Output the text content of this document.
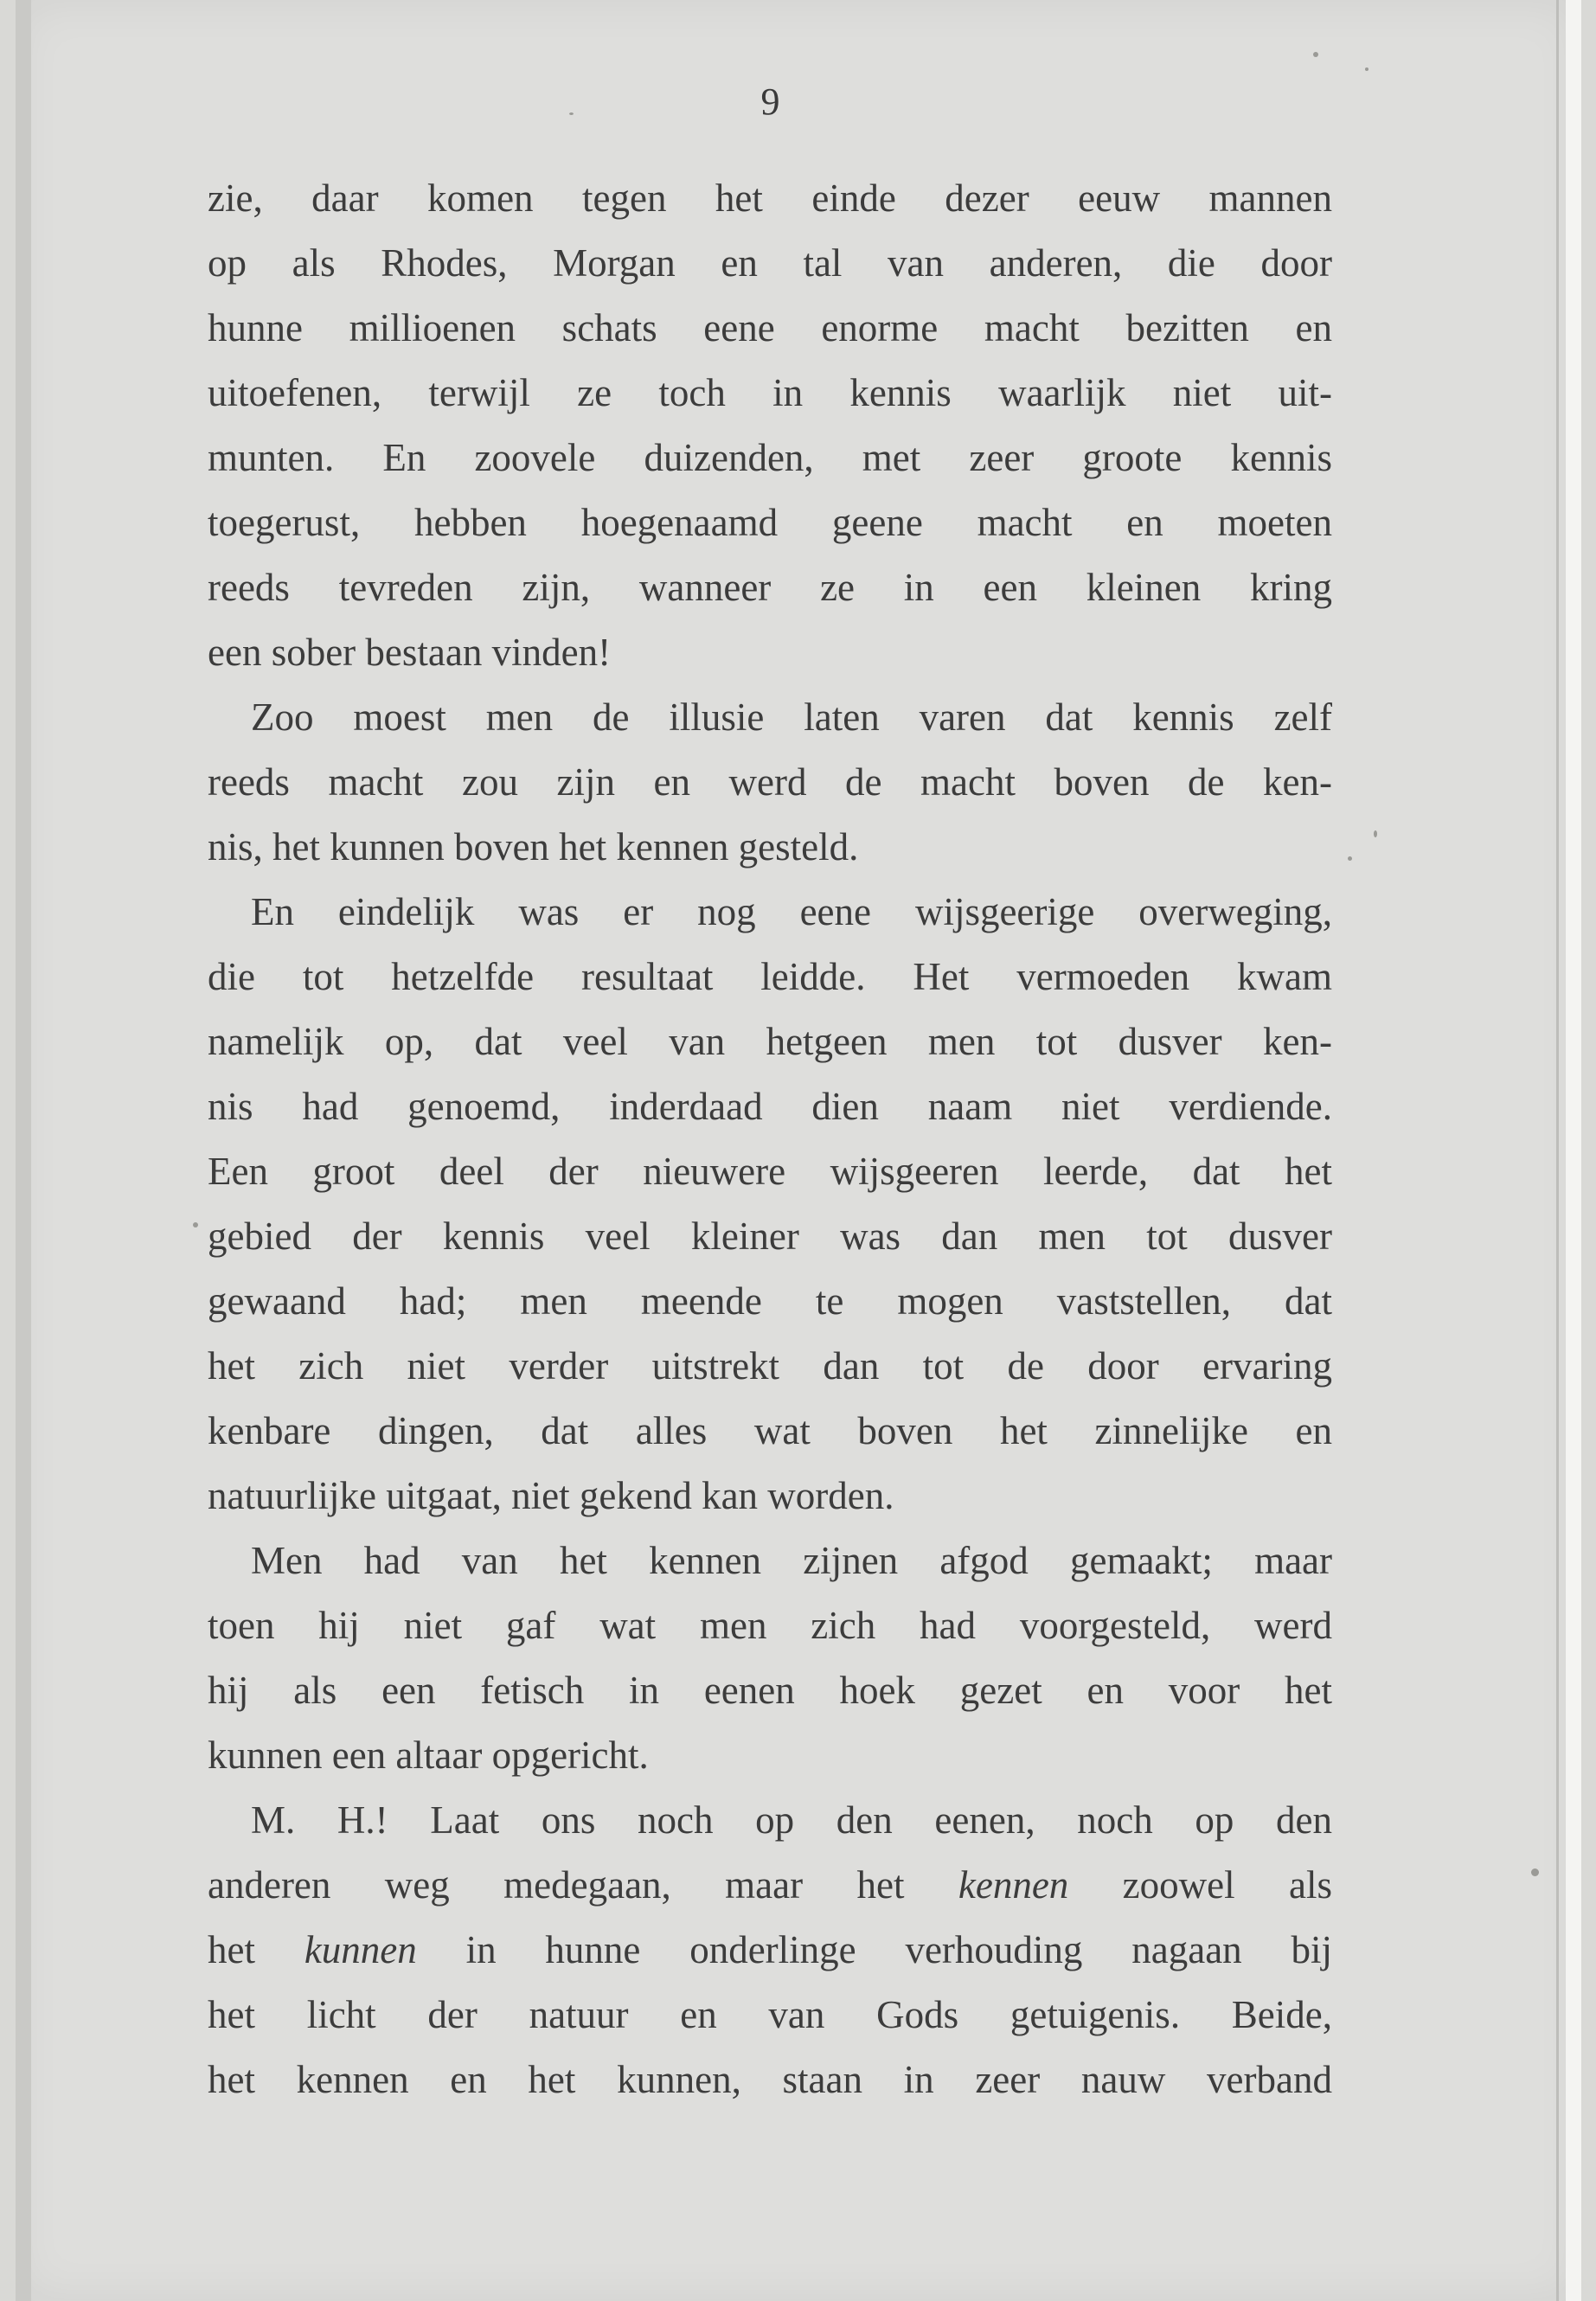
9
zie, daar komen tegen het einde dezer eeuw mannen
op als Rhodes, Morgan en tal van anderen, die door
hunne millioenen schats eene enorme macht bezitten en
uitoefenen, terwijl ze toch in kennis waarlijk niet uit-
munten. En zoovele duizenden, met zeer groote kennis
toegerust, hebben hoegenaamd geene macht en moeten
reeds tevreden zijn, wanneer ze in een kleinen kring
een sober bestaan vinden!
Zoo moest men de illusie laten varen dat kennis zelf
reeds macht zou zijn en werd de macht boven de ken-
nis, het kunnen boven het kennen gesteld.
En eindelijk was er nog eene wijsgeerige overweging,
die tot hetzelfde resultaat leidde. Het vermoeden kwam
namelijk op, dat veel van hetgeen men tot dusver ken-
nis had genoemd, inderdaad dien naam niet verdiende.
Een groot deel der nieuwere wijsgeeren leerde, dat het
gebied der kennis veel kleiner was dan men tot dusver
gewaand had; men meende te mogen vaststellen, dat
het zich niet verder uitstrekt dan tot de door ervaring
kenbare dingen, dat alles wat boven het zinnelijke en
natuurlijke uitgaat, niet gekend kan worden.
Men had van het kennen zijnen afgod gemaakt; maar
toen hij niet gaf wat men zich had voorgesteld, werd
hij als een fetisch in eenen hoek gezet en voor het
kunnen een altaar opgericht.
M. H.! Laat ons noch op den eenen, noch op den
anderen weg medegaan, maar het kennen zoowel als
het kunnen in hunne onderlinge verhouding nagaan bij
het licht der natuur en van Gods getuigenis. Beide,
het kennen en het kunnen, staan in zeer nauw verband
